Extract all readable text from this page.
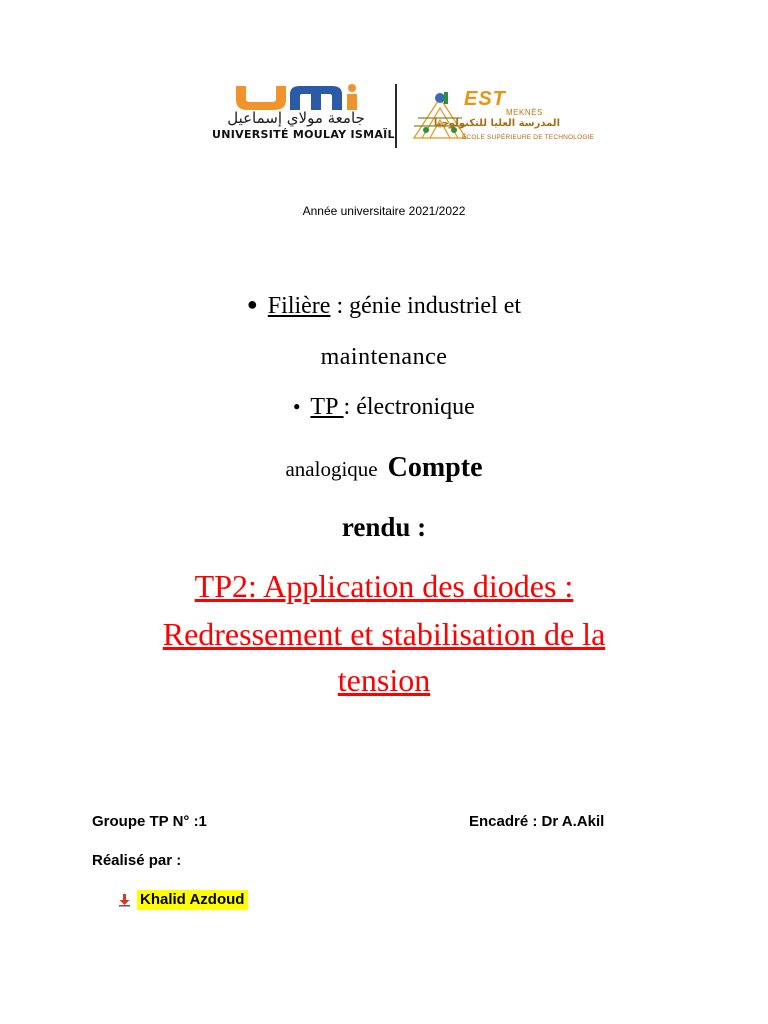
جامعة مولاي إسماعيل
UNIVERSITÉ MOULAY ISMAÏL
EST
MEKNÈS
المدرسة العليا للتكنولوجيا
ÉCOLE SUPÉRIEURE DE TECHNOLOGIE
Année universitaire 2021/2022
● Filière : génie industriel et
maintenance
● TP : électronique
analogique Compte
rendu :
TP2: Application des diodes :
Redressement et stabilisation de la
tension
Groupe TP N° :1	Encadré : Dr A.Akil
Réalisé par :
Khalid Azdoud
